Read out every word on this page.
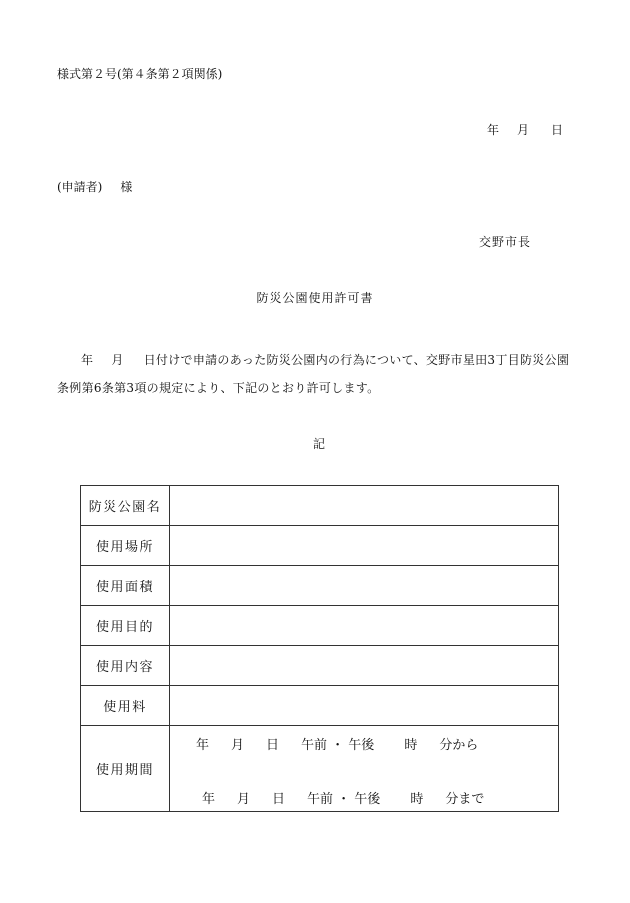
様式第２号(第４条第２項関係)
年 月 日
(申請者) 様
交野市長
防災公園使用許可書
年 月 日付けで申請のあった防災公園内の行為について、交野市星田3丁目防災公園
条例第6条第3項の規定により、下記のとおり許可します。
記
防災公園名	
使用場所	
使用面積	
使用目的	
使用内容	
使用料	
使用期間	年 月 日 午前 ・ 午後 時 分から
年 月 日 午前 ・ 午後 時 分まで
